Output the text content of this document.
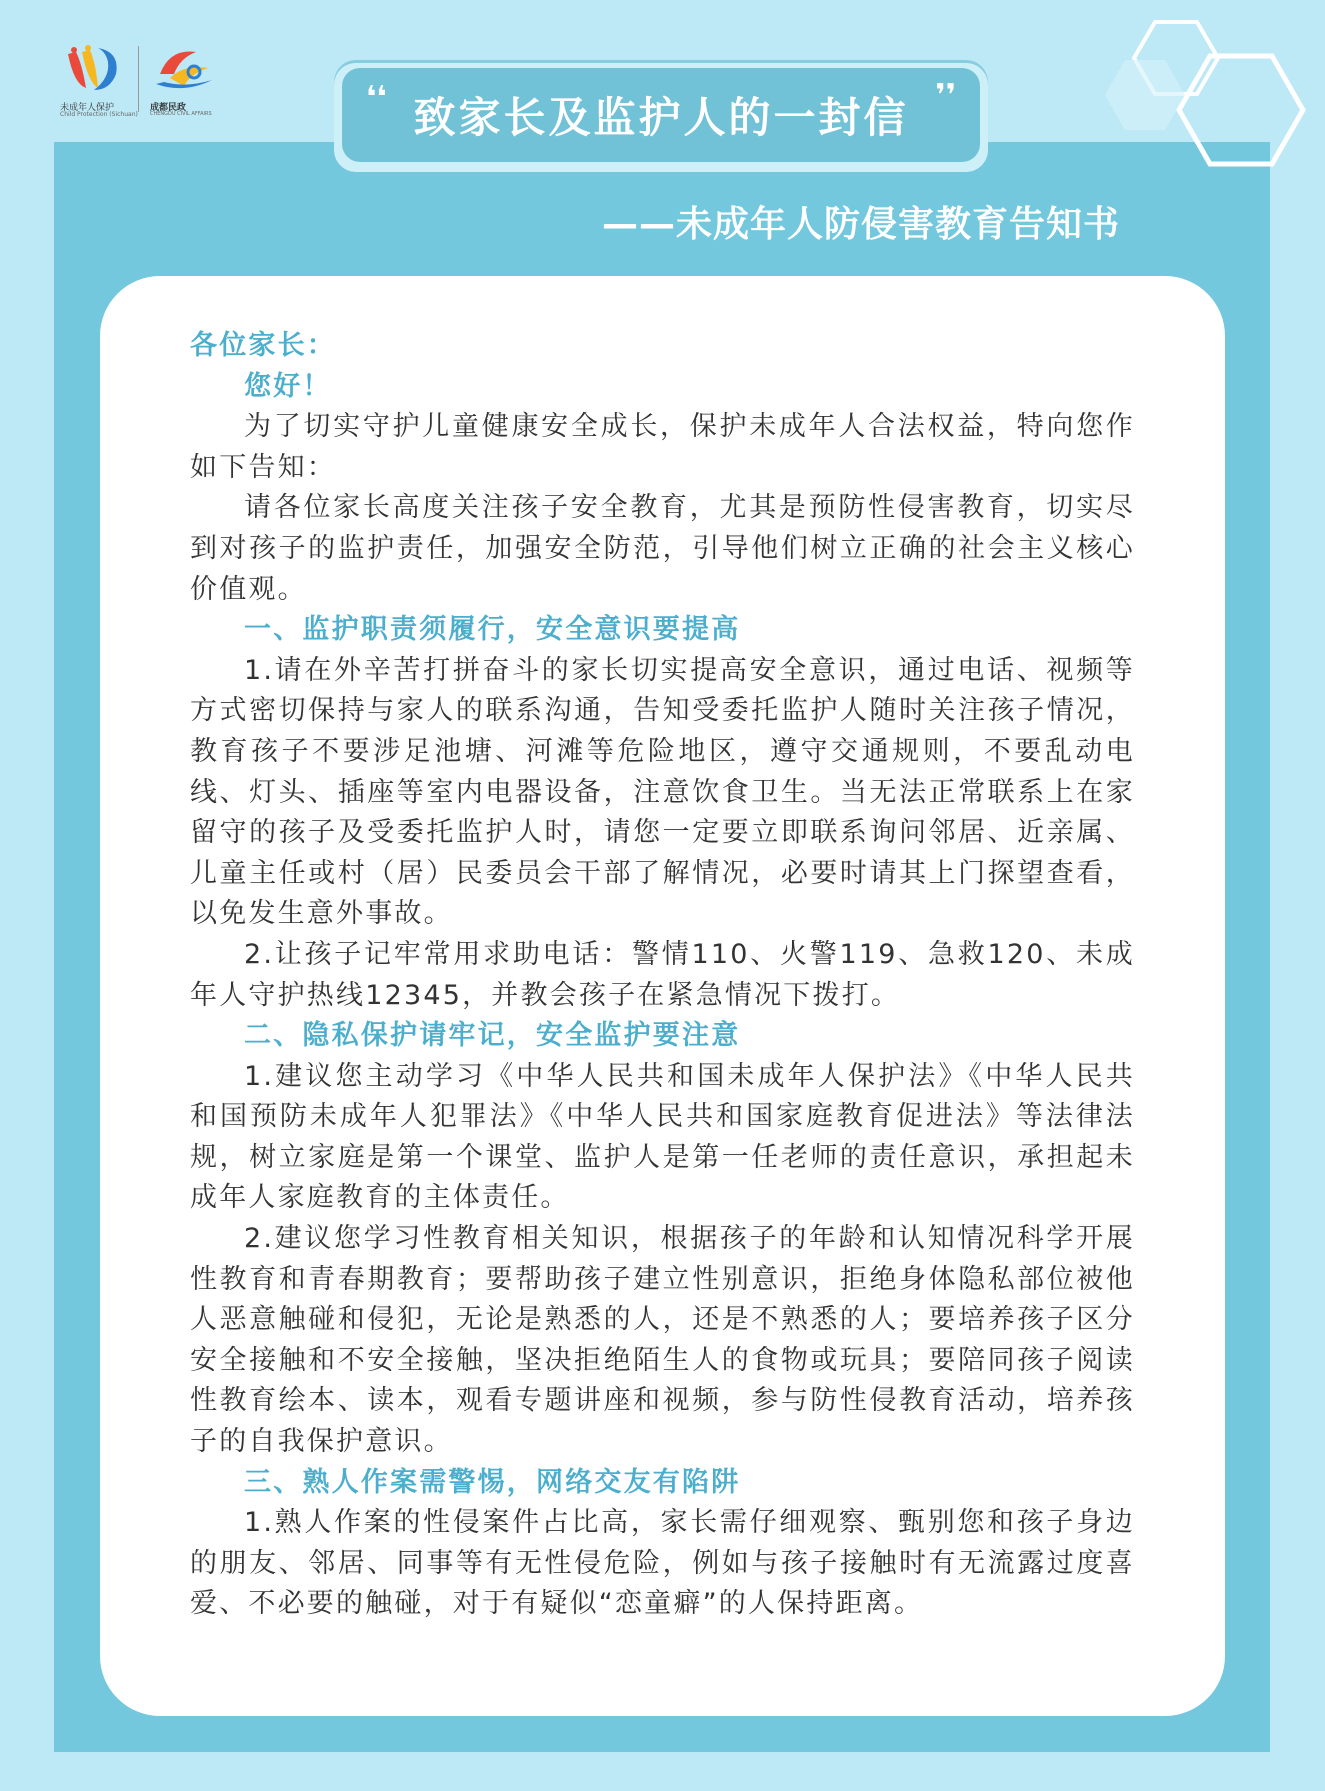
未成年人保护
Child Protection (Sichuan)
成都民政
CHENGDU CIVIL AFFAIRS	❛❛ 致家长及监护人的一封信 ❜❜
——未成年人防侵害教育告知书

各位家长：

您好！

为了切实守护儿童健康安全成长，保护未成年人合法权益，特向您作如下告知：

请各位家长高度关注孩子安全教育，尤其是预防性侵害教育，切实尽到对孩子的监护责任，加强安全防范，引导他们树立正确的社会主义核心价值观。

一、监护职责须履行，安全意识要提高

1.请在外辛苦打拼奋斗的家长切实提高安全意识，通过电话、视频等方式密切保持与家人的联系沟通，告知受委托监护人随时关注孩子情况，教育孩子不要涉足池塘、河滩等危险地区，遵守交通规则，不要乱动电线、灯头、插座等室内电器设备，注意饮食卫生。当无法正常联系上在家留守的孩子及受委托监护人时，请您一定要立即联系询问邻居、近亲属、儿童主任或村（居）民委员会干部了解情况，必要时请其上门探望查看，以免发生意外事故。

2.让孩子记牢常用求助电话：警情110、火警119、急救120、未成年人守护热线12345，并教会孩子在紧急情况下拨打。

二、隐私保护请牢记，安全监护要注意

1.建议您主动学习《中华人民共和国未成年人保护法》《中华人民共和国预防未成年人犯罪法》《中华人民共和国家庭教育促进法》等法律法规，树立家庭是第一个课堂、监护人是第一任老师的责任意识，承担起未成年人家庭教育的主体责任。

2.建议您学习性教育相关知识，根据孩子的年龄和认知情况科学开展性教育和青春期教育；要帮助孩子建立性别意识，拒绝身体隐私部位被他人恶意触碰和侵犯，无论是熟悉的人，还是不熟悉的人；要培养孩子区分安全接触和不安全接触，坚决拒绝陌生人的食物或玩具；要陪同孩子阅读性教育绘本、读本，观看专题讲座和视频，参与防性侵教育活动，培养孩子的自我保护意识。

三、熟人作案需警惕，网络交友有陷阱

1.熟人作案的性侵案件占比高，家长需仔细观察、甄别您和孩子身边的朋友、邻居、同事等有无性侵危险，例如与孩子接触时有无流露过度喜爱、不必要的触碰，对于有疑似“恋童癖”的人保持距离。
